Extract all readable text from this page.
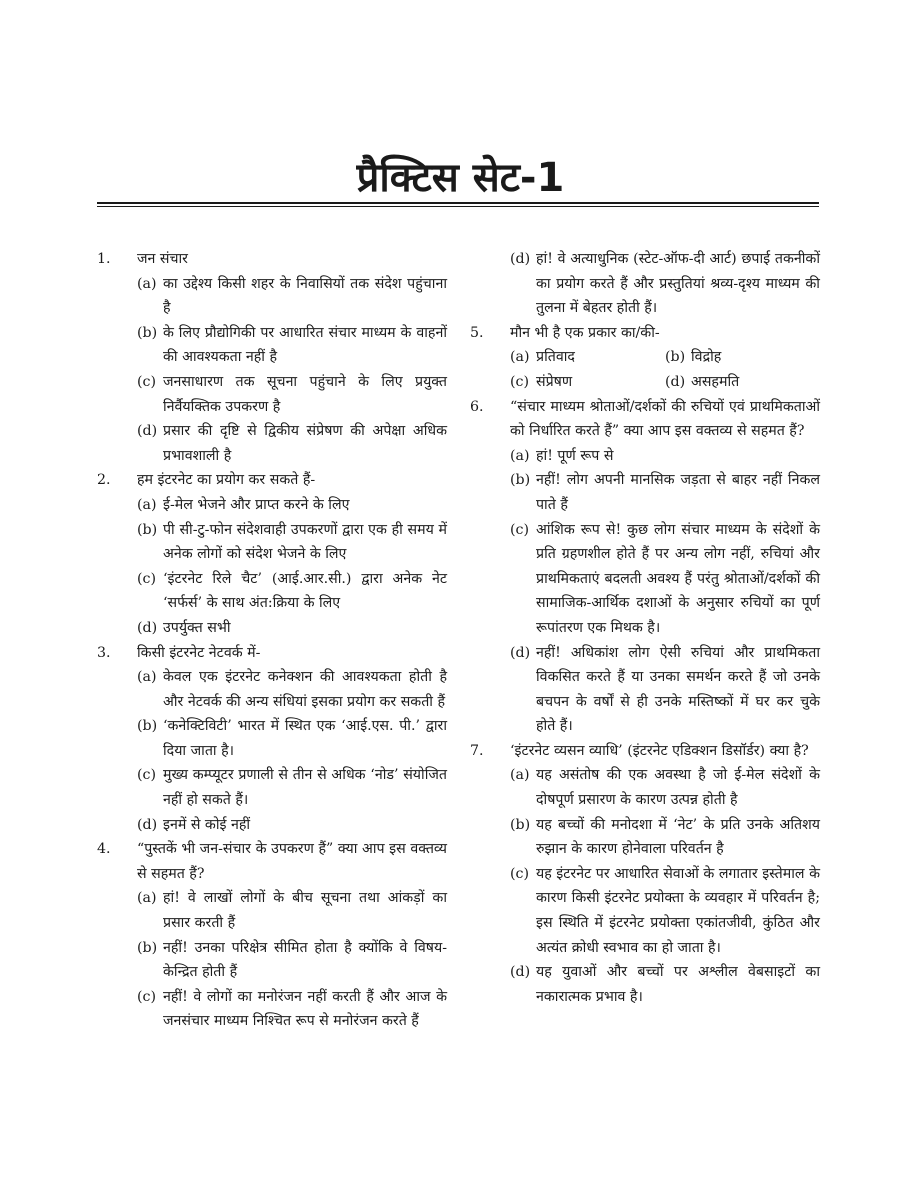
प्रैक्टिस सेट-1
1. जन संचार
(a) का उद्देश्य किसी शहर के निवासियों तक संदेश पहुंचाना है
(b) के लिए प्रौद्योगिकी पर आधारित संचार माध्यम के वाहनों की आवश्यकता नहीं है
(c) जनसाधारण तक सूचना पहुंचाने के लिए प्रयुक्त निर्वैयक्तिक उपकरण है
(d) प्रसार की दृष्टि से द्विकीय संप्रेषण की अपेक्षा अधिक प्रभावशाली है
2. हम इंटरनेट का प्रयोग कर सकते हैं-
(a) ई-मेल भेजने और प्राप्त करने के लिए
(b) पी सी-टु-फोन संदेशवाही उपकरणों द्वारा एक ही समय में अनेक लोगों को संदेश भेजने के लिए
(c) ‘इंटरनेट रिले चैट’ (आई.आर.सी.) द्वारा अनेक नेट ‘सर्फर्स’ के साथ अंत:क्रिया के लिए
(d) उपर्युक्त सभी
3. किसी इंटरनेट नेटवर्क में-
(a) केवल एक इंटरनेट कनेक्शन की आवश्यकता होती है और नेटवर्क की अन्य संधियां इसका प्रयोग कर सकती हैं
(b) ‘कनेक्टिविटी’ भारत में स्थित एक ‘आई.एस. पी.’ द्वारा दिया जाता है।
(c) मुख्य कम्प्यूटर प्रणाली से तीन से अधिक ‘नोड’ संयोजित नहीं हो सकते हैं।
(d) इनमें से कोई नहीं
4. “पुस्तकें भी जन-संचार के उपकरण हैं” क्या आप इस वक्तव्य से सहमत हैं?
(a) हां! वे लाखों लोगों के बीच सूचना तथा आंकड़ों का प्रसार करती हैं
(b) नहीं! उनका परिक्षेत्र सीमित होता है क्योंकि वे विषय-केन्द्रित होती हैं
(c) नहीं! वे लोगों का मनोरंजन नहीं करती हैं और आज के जनसंचार माध्यम निश्चित रूप से मनोरंजन करते हैं
(d) हां! वे अत्याधुनिक (स्टेट-ऑफ-दी आर्ट) छपाई तकनीकों का प्रयोग करते हैं और प्रस्तुतियां श्रव्य-दृश्य माध्यम की तुलना में बेहतर होती हैं।
5. मौन भी है एक प्रकार का/की-
(a) प्रतिवाद	(b) विद्रोह
(c) संप्रेषण	(d) असहमति
6. “संचार माध्यम श्रोताओं/दर्शकों की रुचियों एवं प्राथमिकताओं को निर्धारित करते हैं” क्या आप इस वक्तव्य से सहमत हैं?
(a) हां! पूर्ण रूप से
(b) नहीं! लोग अपनी मानसिक जड़ता से बाहर नहीं निकल पाते हैं
(c) आंशिक रूप से! कुछ लोग संचार माध्यम के संदेशों के प्रति ग्रहणशील होते हैं पर अन्य लोग नहीं, रुचियां और प्राथमिकताएं बदलती अवश्य हैं परंतु श्रोताओं/दर्शकों की सामाजिक-आर्थिक दशाओं के अनुसार रुचियों का पूर्ण रूपांतरण एक मिथक है।
(d) नहीं! अधिकांश लोग ऐसी रुचियां और प्राथमिकता विकसित करते हैं या उनका समर्थन करते हैं जो उनके बचपन के वर्षों से ही उनके मस्तिष्कों में घर कर चुके होते हैं।
7. ‘इंटरनेट व्यसन व्याधि’ (इंटरनेट एडिक्शन डिसॉर्डर) क्या है?
(a) यह असंतोष की एक अवस्था है जो ई-मेल संदेशों के दोषपूर्ण प्रसारण के कारण उत्पन्न होती है
(b) यह बच्चों की मनोदशा में ‘नेट’ के प्रति उनके अतिशय रुझान के कारण होनेवाला परिवर्तन है
(c) यह इंटरनेट पर आधारित सेवाओं के लगातार इस्तेमाल के कारण किसी इंटरनेट प्रयोक्ता के व्यवहार में परिवर्तन है; इस स्थिति में इंटरनेट प्रयोक्ता एकांतजीवी, कुंठित और अत्यंत क्रोधी स्वभाव का हो जाता है।
(d) यह युवाओं और बच्चों पर अश्लील वेबसाइटों का नकारात्मक प्रभाव है।
